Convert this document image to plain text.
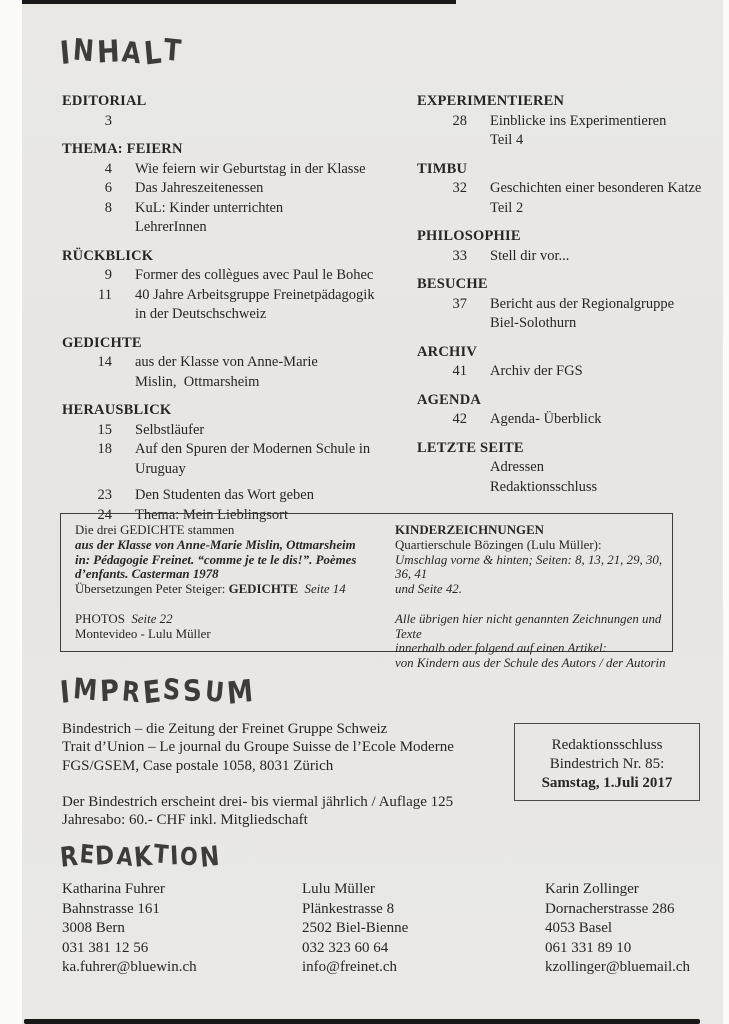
INHALT
EDITORIAL
3
THEMA: FEIERN
4 Wie feiern wir Geburtstag in der Klasse
6 Das Jahreszeitenessen
8 KuL: Kinder unterrichten
LehrerInnen
RÜCKBLICK
9 Former des collègues avec Paul le Bohec
11 40 Jahre Arbeitsgruppe Freinetpädagogik
in der Deutschschweiz
GEDICHTE
14 aus der Klasse von Anne-Marie
Mislin,  Ottmarsheim
HERAUSBLICK
15 Selbstläufer
18 Auf den Spuren der Modernen Schule in
Uruguay
23 Den Studenten das Wort geben
24 Thema: Mein Lieblingsort
EXPERIMENTIEREN
28 Einblicke ins Experimentieren
Teil 4
TIMBU
32 Geschichten einer besonderen Katze
Teil 2
PHILOSOPHIE
33 Stell dir vor...
BESUCHE
37 Bericht aus der Regionalgruppe
Biel-Solothurn
ARCHIV
41 Archiv der FGS
AGENDA
42 Agenda- Überblick
LETZTE SEITE
Adressen
Redaktionsschluss
Die drei GEDICHTE stammen
aus der Klasse von Anne-Marie Mislin, Ottmarsheim
in: Pédagogie Freinet. “comme je te le dis!”. Poèmes
d’enfants. Casterman 1978
Übersetzungen Peter Steiger: GEDICHTE  Seite 14
PHOTOS  Seite 22
Montevideo - Lulu Müller
KINDERZEICHNUNGEN
Quartierschule Bözingen (Lulu Müller):
Umschlag vorne & hinten; Seiten: 8, 13, 21, 29, 30, 36, 41
und Seite 42.
Alle übrigen hier nicht genannten Zeichnungen und Texte
innerhalb oder folgend auf einen Artikel:
von Kindern aus der Schule des Autors / der Autorin
IMPRESSUM
Bindestrich – die Zeitung der Freinet Gruppe Schweiz
Trait d’Union – Le journal du Groupe Suisse de l’Ecole Moderne
FGS/GSEM, Case postale 1058, 8031 Zürich
Der Bindestrich erscheint drei- bis viermal jährlich / Auflage 125
Jahresabo: 60.- CHF inkl. Mitgliedschaft
Redaktionsschluss
Bindestrich Nr. 85:
Samstag, 1.Juli 2017
REDAKTION
Katharina Fuhrer
Bahnstrasse 161
3008 Bern
031 381 12 56
ka.fuhrer@bluewin.ch
Lulu Müller
Plänkestrasse 8
2502 Biel-Bienne
032 323 60 64
info@freinet.ch
Karin Zollinger
Dornacherstrasse 286
4053 Basel
061 331 89 10
kzollinger@bluemail.ch
